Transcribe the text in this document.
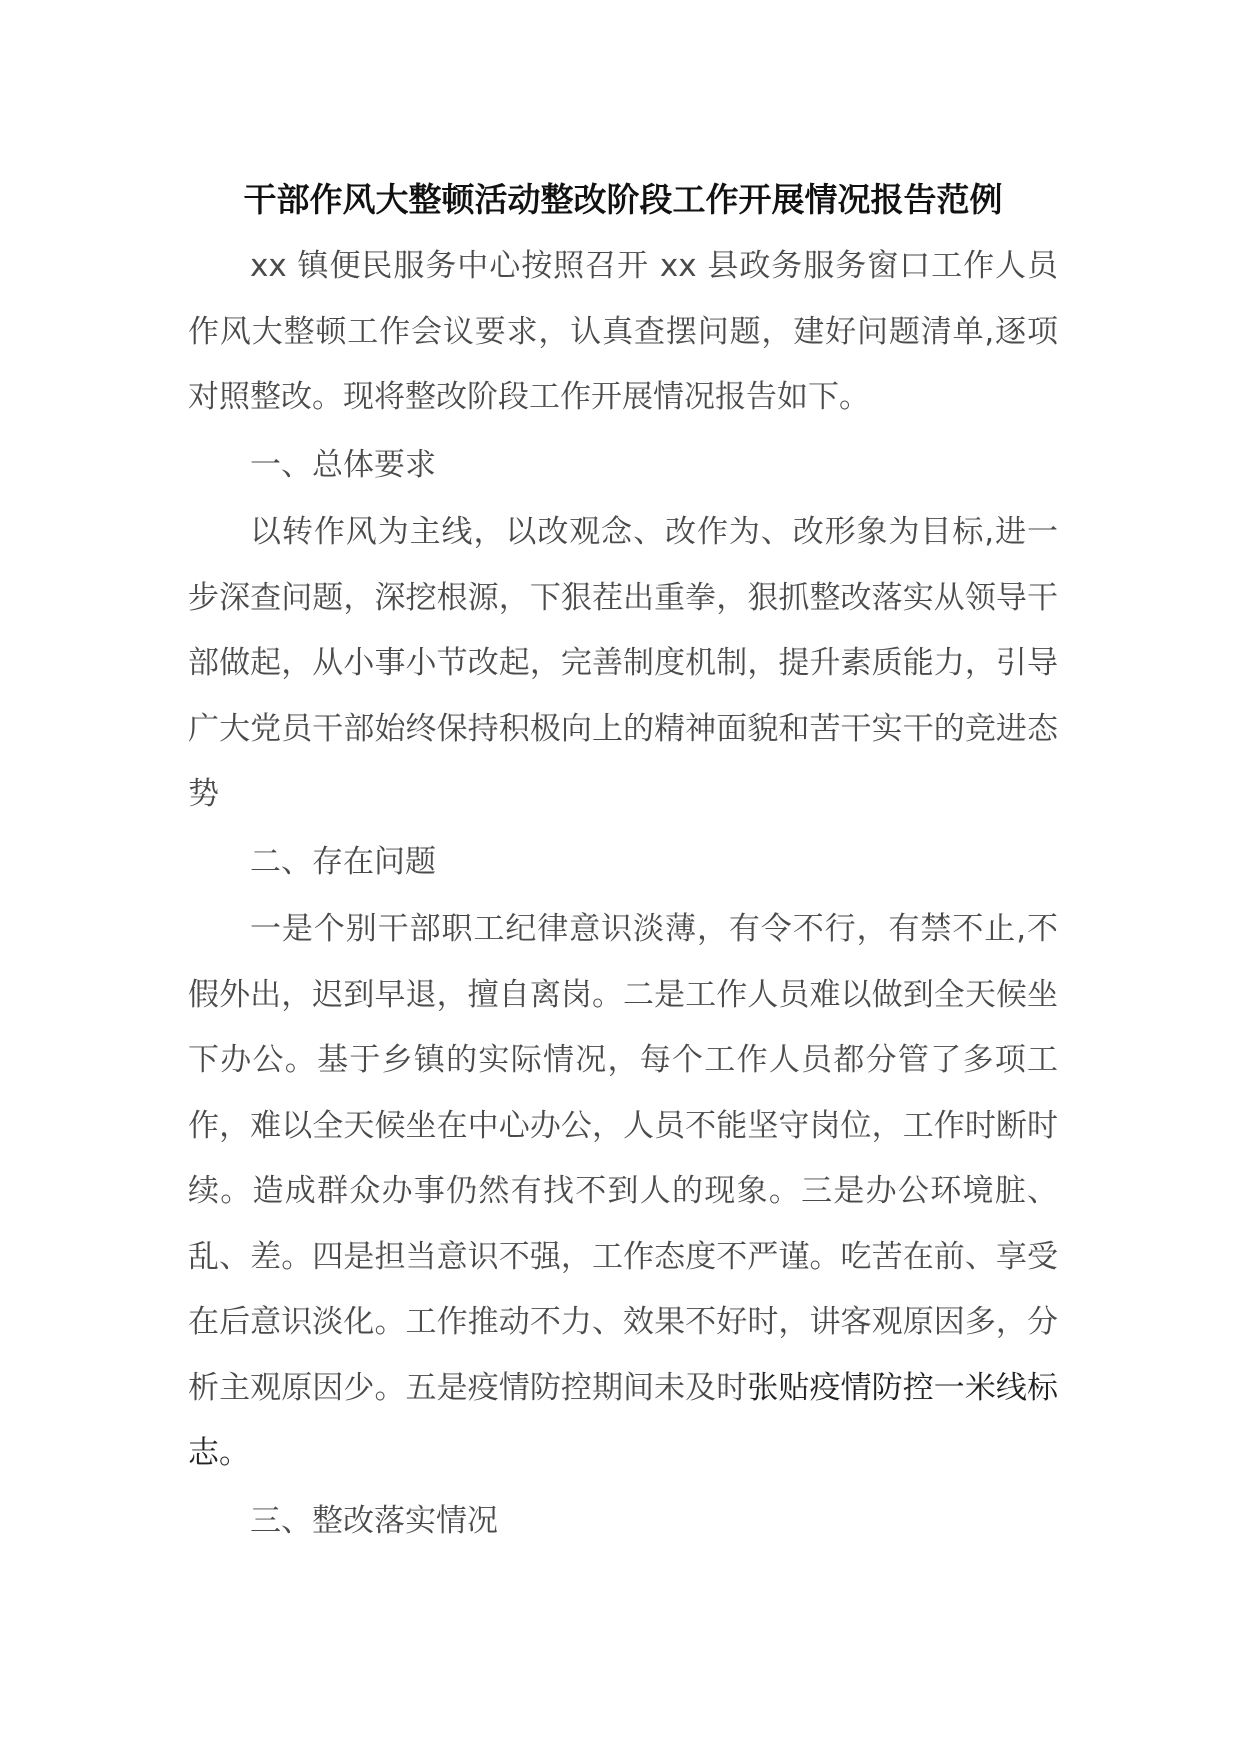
干部作风大整顿活动整改阶段工作开展情况报告范例

xx 镇便民服务中心按照召开 xx 县政务服务窗口工作人员作风大整顿工作会议要求，认真查摆问题，建好问题清单,逐项对照整改。现将整改阶段工作开展情况报告如下。

一、总体要求

以转作风为主线，以改观念、改作为、改形象为目标,进一步深查问题，深挖根源，下狠茬出重拳，狠抓整改落实从领导干部做起，从小事小节改起，完善制度机制，提升素质能力，引导广大党员干部始终保持积极向上的精神面貌和苦干实干的竞进态势

二、存在问题

一是个别干部职工纪律意识淡薄，有令不行，有禁不止,不假外出，迟到早退，擅自离岗。二是工作人员难以做到全天候坐下办公。基于乡镇的实际情况，每个工作人员都分管了多项工作，难以全天候坐在中心办公，人员不能坚守岗位，工作时断时续。造成群众办事仍然有找不到人的现象。三是办公环境脏、乱、差。四是担当意识不强，工作态度不严谨。吃苦在前、享受在后意识淡化。工作推动不力、效果不好时，讲客观原因多，分析主观原因少。五是疫情防控期间未及时张贴疫情防控一米线标志。

三、整改落实情况
